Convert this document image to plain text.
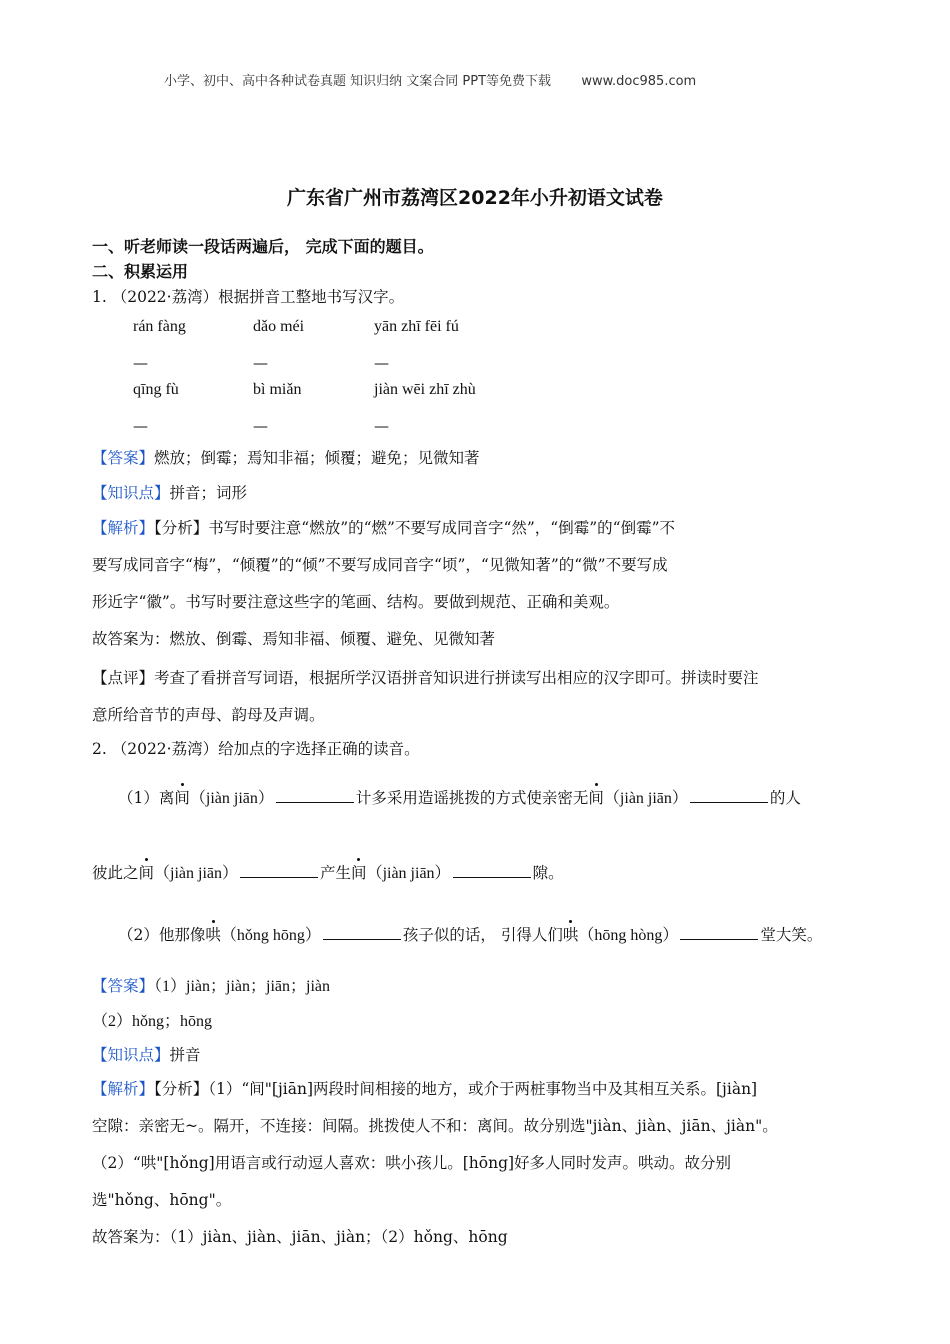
小学、初中、高中各种试卷真题 知识归纳 文案合同 PPT等免费下载 www.doc985.com
广东省广州市荔湾区2022年小升初语文试卷
一、听老师读一段话两遍后， 完成下面的题目。
二、积累运用
1. （2022·荔湾）根据拼音工整地书写汉字。
rán fàng	dǎo méi	yān zhī fēi fú
—	—	—
qīng fù	bì miǎn	jiàn wēi zhī zhù
—	—	—
【答案】燃放；倒霉；焉知非福；倾覆；避免；见微知著
【知识点】拼音；词形
【解析】【分析】书写时要注意“燃放”的“燃”不要写成同音字“然”，“倒霉”的“倒霉”不
要写成同音字“梅”，“倾覆”的“倾”不要写成同音字“顷”，“见微知著”的“微”不要写成
形近字“徽”。书写时要注意这些字的笔画、结构。要做到规范、正确和美观。
故答案为：燃放、倒霉、焉知非福、倾覆、避免、见微知著
【点评】考查了看拼音写词语，根据所学汉语拼音知识进行拼读写出相应的汉字即可。拼读时要注
意所给音节的声母、韵母及声调。
2. （2022·荔湾）给加点的字选择正确的读音。
（1）离间（jiàn jiān）	计多采用造谣挑拨的方式使亲密无间（jiàn jiān）	的人
彼此之间（jiàn jiān）	产生间（jiàn jiān）	隙。
（2）他那像哄（hǒng hōng）	孩子似的话， 引得人们哄（hōng hòng）	堂大笑。
【答案】（1）jiàn；jiàn；jiān；jiàn
（2）hǒng；hōng
【知识点】拼音
【解析】【分析】（1）“间"[jiān]两段时间相接的地方，或介于两桩事物当中及其相互关系。[jiàn]
空隙：亲密无~。隔开，不连接：间隔。挑拨使人不和：离间。故分别选"jiàn、jiàn、jiān、jiàn"。
（2）“哄"[hǒng]用语言或行动逗人喜欢：哄小孩儿。[hōng]好多人同时发声。哄动。故分别
选"hǒng、hōng"。
故答案为：（1）jiàn、jiàn、jiān、jiàn；（2）hǒng、hōng
